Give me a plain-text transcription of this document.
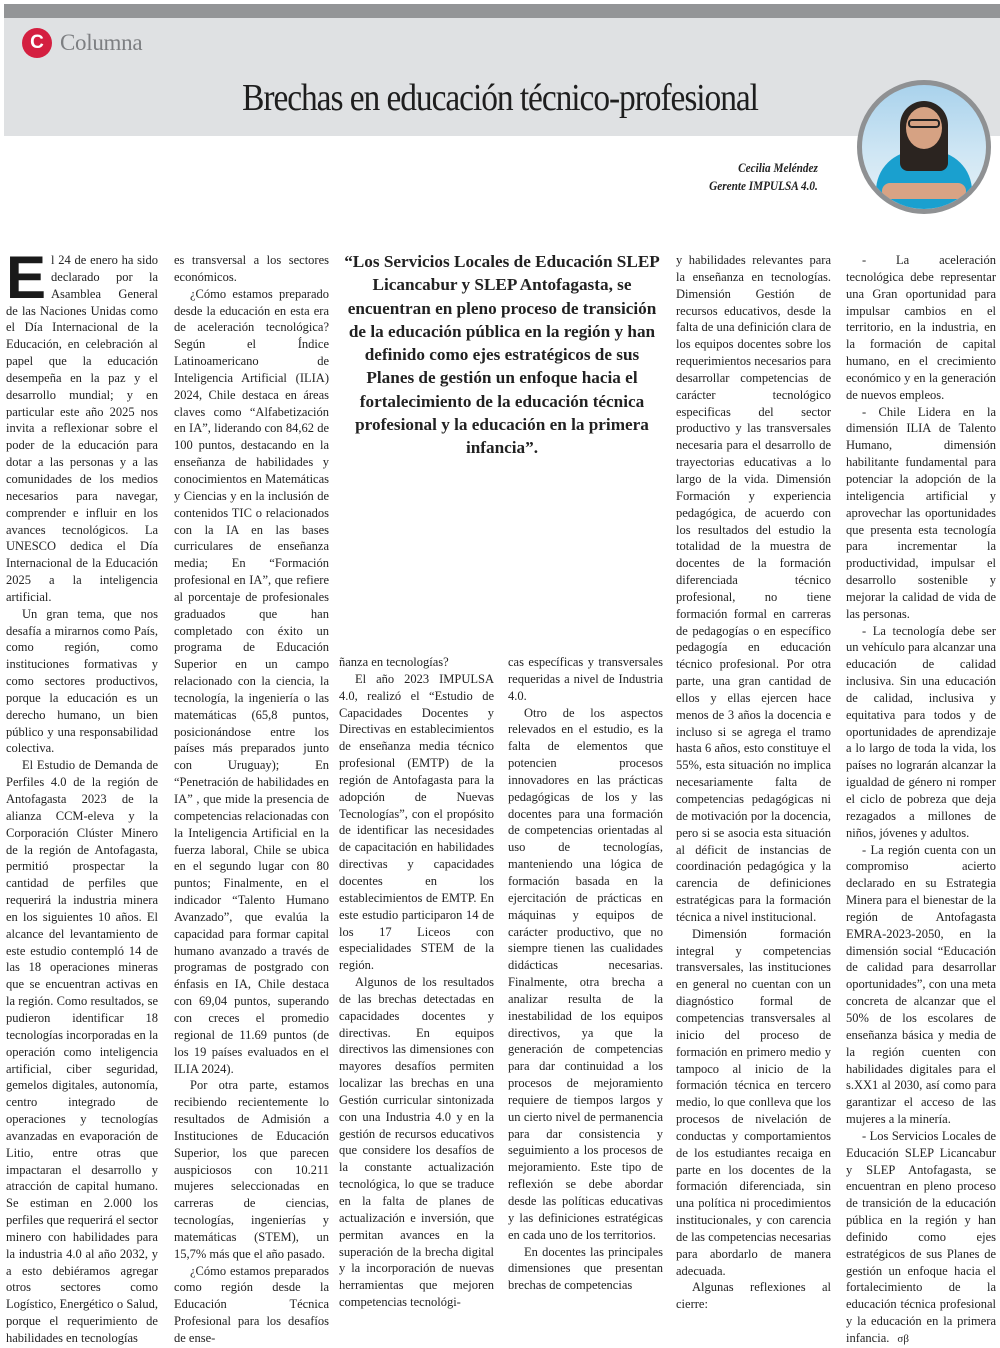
C Columna
Brechas en educación técnico-profesional
Cecilia Meléndez
Gerente IMPULSA 4.0.
“Los Servicios Locales de Educación SLEP Licancabur y SLEP Antofagasta, se encuentran en pleno proceso de transición de la educación pública en la región y han definido como ejes estratégicos de sus Planes de gestión un enfoque hacia el fortalecimiento de la educación técnica profesional y la educación en la primera infancia”.

El 24 de enero ha sido declarado por la Asamblea General de las Naciones Unidas como el Día Internacional de la Educación, en celebración al papel que la educación desempeña en la paz y el desarrollo mundial; y en particular este año 2025 nos invita a reflexionar sobre el poder de la educación para dotar a las personas y a las comunidades de los medios necesarios para navegar, comprender e influir en los avances tecnológicos. La UNESCO dedica el Día Internacional de la Educación 2025 a la inteligencia artificial.

Un gran tema, que nos desafía a mirarnos como País, como región, como instituciones formativas y como sectores productivos, porque la educación es un derecho humano, un bien público y una responsabilidad colectiva.

El Estudio de Demanda de Perfiles 4.0 de la región de Antofagasta 2023 de la alianza CCM-eleva y la Corporación Clúster Minero de la región de Antofagasta, permitió prospectar la cantidad de perfiles que requerirá la industria minera en los siguientes 10 años. El alcance del levantamiento de este estudio contempló 14 de las 18 operaciones mineras que se encuentran activas en la región. Como resultados, se pudieron identificar 18 tecnologías incorporadas en la operación como inteligencia artificial, ciber seguridad, gemelos digitales, autonomía, centro integrado de operaciones y tecnologías avanzadas en evaporación de Litio, entre otras que impactaran el desarrollo y atracción de capital humano. Se estiman en 2.000 los perfiles que requerirá el sector minero con habilidades para la industria 4.0 al año 2032, y a esto debiéramos agregar otros sectores como Logístico, Energético o Salud, porque el requerimiento de habilidades en tecnologías

es transversal a los sectores económicos.

¿Cómo estamos preparado desde la educación en esta era de aceleración tecnológica? Según el Índice Latinoamericano de Inteligencia Artificial (ILIA) 2024, Chile destaca en áreas claves como “Alfabetización en IA”, liderando con 84,62 de 100 puntos, destacando en la enseñanza de habilidades y conocimientos en Matemáticas y Ciencias y en la inclusión de contenidos TIC o relacionados con la IA en las bases curriculares de enseñanza media; En “Formación profesional en IA”, que refiere al porcentaje de profesionales graduados que han completado con éxito un programa de Educación Superior en un campo relacionado con la ciencia, la tecnología, la ingeniería o las matemáticas (65,8 puntos, posicionándose entre los países más preparados junto con Uruguay); En “Penetración de habilidades en IA” , que mide la presencia de competencias relacionadas con la Inteligencia Artificial en la fuerza laboral, Chile se ubica en el segundo lugar con 80 puntos; Finalmente, en el indicador “Talento Humano Avanzado”, que evalúa la capacidad para formar capital humano avanzado a través de programas de postgrado con énfasis en IA, Chile destaca con 69,04 puntos, superando con creces el promedio regional de 11.69 puntos (de los 19 países evaluados en el ILIA 2024).

Por otra parte, estamos recibiendo recientemente lo resultados de Admisión a Instituciones de Educación Superior, los que parecen auspiciosos con 10.211 mujeres seleccionadas en carreras de ciencias, tecnologías, ingenierías y matemáticas (STEM), un 15,7% más que el año pasado.

¿Cómo estamos preparados como región desde la Educación Técnica Profesional para los desafíos de ense-

ñanza en tecnologías?

El año 2023 IMPULSA 4.0, realizó el “Estudio de Capacidades Docentes y Directivas en establecimientos de enseñanza media técnico profesional (EMTP) de la región de Antofagasta para la adopción de Nuevas Tecnologías”, con el propósito de identificar las necesidades de capacitación en habilidades directivas y capacidades docentes en los establecimientos de EMTP. En este estudio participaron 14 de los 17 Liceos con especialidades STEM de la región.

Algunos de los resultados de las brechas detectadas en capacidades docentes y directivas. En equipos directivos las dimensiones con mayores desafíos permiten localizar las brechas en una Gestión curricular sintonizada con una Industria 4.0 y en la gestión de recursos educativos que considere los desafíos de la constante actualización tecnológica, lo que se traduce en la falta de planes de actualización e inversión, que permitan avances en la superación de la brecha digital y la incorporación de nuevas herramientas que mejoren competencias tecnológi-

cas específicas y transversales requeridas a nivel de Industria 4.0.

Otro de los aspectos relevados en el estudio, es la falta de elementos que potencien procesos innovadores en las prácticas pedagógicas de los y las docentes para una formación de competencias orientadas al uso de tecnologías, manteniendo una lógica de formación basada en la ejercitación de prácticas en máquinas y equipos de carácter productivo, que no siempre tienen las cualidades didácticas necesarias. Finalmente, otra brecha a analizar resulta de la inestabilidad de los equipos directivos, ya que la generación de competencias para dar continuidad a los procesos de mejoramiento requiere de tiempos largos y un cierto nivel de permanencia para dar consistencia y seguimiento a los procesos de mejoramiento. Este tipo de reflexión se debe abordar desde las políticas educativas y las definiciones estratégicas en cada uno de los territorios.

En docentes las principales dimensiones que presentan brechas de competencias

y habilidades relevantes para la enseñanza en tecnologías. Dimensión Gestión de recursos educativos, desde la falta de una definición clara de los equipos docentes sobre los requerimientos necesarios para desarrollar competencias de carácter tecnológico especificas del sector productivo y las transversales necesaria para el desarrollo de trayectorias educativas a lo largo de la vida. Dimensión Formación y experiencia pedagógica, de acuerdo con los resultados del estudio la totalidad de la muestra de docentes de la formación diferenciada técnico profesional, no tiene formación formal en carreras de pedagogías o en específico pedagogía en educación técnico profesional. Por otra parte, una gran cantidad de ellos y ellas ejercen hace menos de 3 años la docencia e incluso si se agrega el tramo hasta 6 años, esto constituye el 55%, esta situación no implica necesariamente falta de competencias pedagógicas ni de motivación por la docencia, pero si se asocia esta situación al déficit de instancias de coordinación pedagógica y la carencia de definiciones estratégicas para la formación técnica a nivel institucional.

Dimensión formación integral y competencias transversales, las instituciones en general no cuentan con un diagnóstico formal de competencias transversales al inicio del proceso de formación en primero medio y tampoco al inicio de la formación técnica en tercero medio, lo que conlleva que los procesos de nivelación de conductas y comportamientos de los estudiantes recaiga en parte en los docentes de la formación diferenciada, sin una política ni procedimientos institucionales, y con carencia de las competencias necesarias para abordarlo de manera adecuada.

Algunas reflexiones al cierre:

- La aceleración tecnológica debe representar una Gran oportunidad para impulsar cambios en el territorio, en la industria, en la formación de capital humano, en el crecimiento económico y en la generación de nuevos empleos.

- Chile Lidera en la dimensión ILIA de Talento Humano, dimensión habilitante fundamental para potenciar la adopción de la inteligencia artificial y aprovechar las oportunidades que presenta esta tecnología para incrementar la productividad, impulsar el desarrollo sostenible y mejorar la calidad de vida de las personas.

- La tecnología debe ser un vehículo para alcanzar una educación de calidad inclusiva. Sin una educación de calidad, inclusiva y equitativa para todos y de oportunidades de aprendizaje a lo largo de toda la vida, los países no lograrán alcanzar la igualdad de género ni romper el ciclo de pobreza que deja rezagados a millones de niños, jóvenes y adultos.

- La región cuenta con un compromiso acierto declarado en su Estrategia Minera para el bienestar de la región de Antofagasta EMRA-2023-2050, en la dimensión social “Educación de calidad para desarrollar oportunidades”, con una meta concreta de alcanzar que el 50% de los escolares de enseñanza básica y media de la región cuenten con habilidades digitales para el s.XX1 al 2030, así como para garantizar el acceso de las mujeres a la minería.

- Los Servicios Locales de Educación SLEP Licancabur y SLEP Antofagasta, se encuentran en pleno proceso de transición de la educación pública en la región y han definido como ejes estratégicos de sus Planes de gestión un enfoque hacia el fortalecimiento de la educación técnica profesional y la educación en la primera infancia. σβ
